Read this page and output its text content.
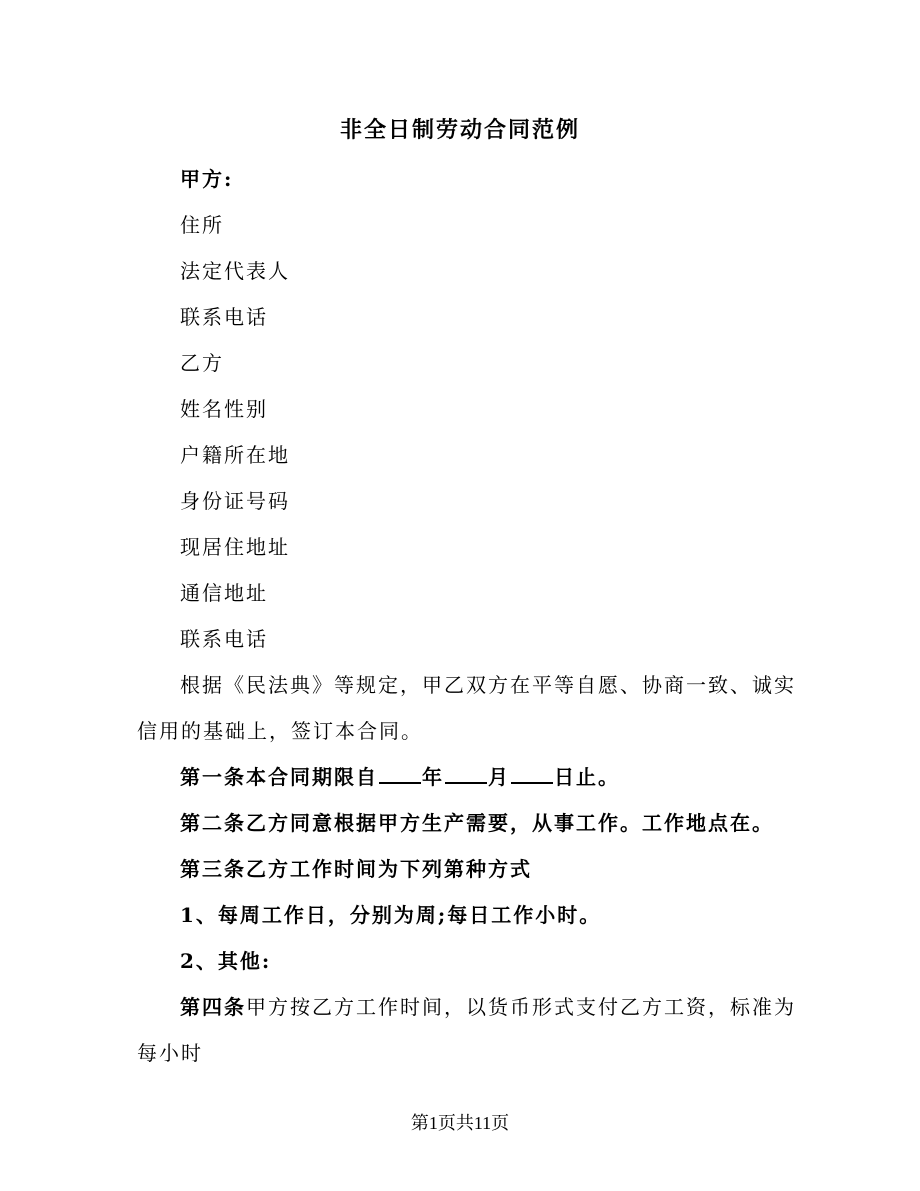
非全日制劳动合同范例
甲方:
住所
法定代表人
联系电话
乙方
姓名性别
户籍所在地
身份证号码
现居住地址
通信地址
联系电话
根据《民法典》等规定，甲乙双方在平等自愿、协商一致、诚实
信用的基础上，签订本合同。
第一条本合同期限自 年 月 日止。
第二条乙方同意根据甲方生产需要，从事工作。工作地点在。
第三条乙方工作时间为下列第种方式
1、每周工作日，分别为周;每日工作小时。
2、其他:
第四条甲方按乙方工作时间，以货币形式支付乙方工资，标准为
每小时
第1页共11页
